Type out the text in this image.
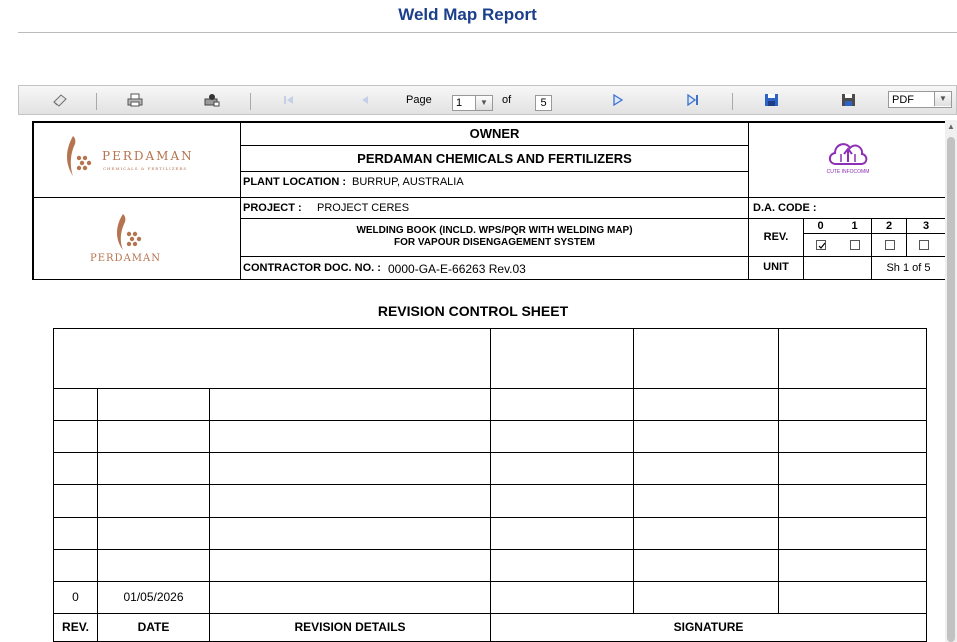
Weld Map Report
Page 1	▼	of	5	PDF	▼
PERDAMAN
CHEMICALS & FERTILIZERS
OWNER
PERDAMAN CHEMICALS AND FERTILIZERS
PLANT LOCATION : BURRUP, AUSTRALIA
CUTE INFOCOMM
PERDAMAN
PROJECT : PROJECT CERES	D.A. CODE :
WELDING BOOK (INCLD. WPS/PQR WITH WELDING MAP)
FOR VAPOUR DISENGAGEMENT SYSTEM	REV.
0	1	2	3
CONTRACTOR DOC. NO. : 0000-GA-E-66263 Rev.03	UNIT	Sh 1 of 5
REVISION CONTROL SHEET

0	01/05/2026				
REV.	DATE	REVISION DETAILS	SIGNATURE		
▲
